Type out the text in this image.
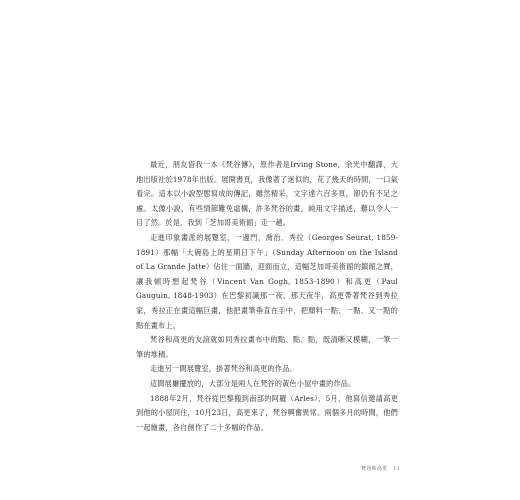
最近，朋友借我一本《梵谷傳》，原作者是Irving Stone，余光中翻譯，大地出版社於1978年出版。展開書頁，我像著了迷似的，花了幾天的時間，一口氣看完。這本以小說型態寫成的傳記，雖然精采，文字達六百多頁，卻仍有不足之處。太像小說，有些情節難免虛構，許多梵谷的畫，純用文字描述，難以令人一目了然。於是，我到「芝加哥美術館」走一趟。

走進印象畫派的展覽室，一邊門，喬治．秀拉（Georges Seurat, 1859-1891）那幅「大碗島上的星期日下午」（Sunday Afternoon on the Island of La Grande Jatte）佔住一面牆，迎面而立，這幅芝加哥美術館的鎮館之寶，讓我頓時想起梵谷（Vincent Van Gogh, 1853-1890）和高更（Paul Gauguin, 1848-1903）在巴黎初識那一夜，那天夜半，高更帶著梵谷到秀拉家，秀拉正在畫這幅巨畫，他把畫筆垂直在手中，把顏料一點、一點、又一點的點在畫布上。

梵谷和高更的友誼就如同秀拉畫布中的點、點、點，既清晰又模糊，一筆一筆的堆積。

走進另一間展覽室，掛著梵谷和高更的作品。

這間展廳擺放的，大部分是兩人在梵谷的黃色小屋中畫的作品。

1888年2月，梵谷從巴黎搬到南部的阿羅（Arles），5月，他寫信邀請高更到他的小屋同住，10月23日，高更來了，梵谷興奮異常。兩個多月的時間，他們一起繪畫，各自創作了二十多幅的作品。

梵谷和高更 11
